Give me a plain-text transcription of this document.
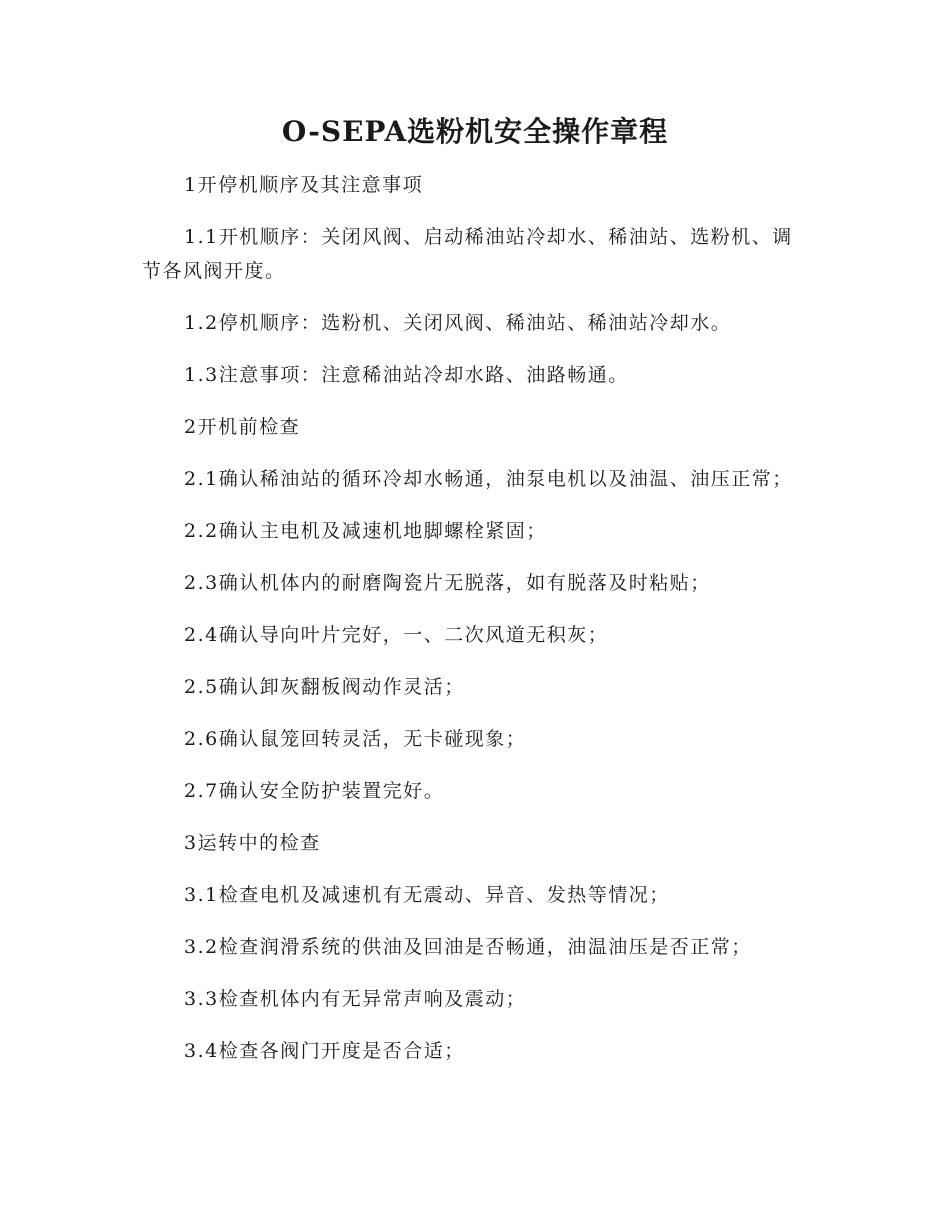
O-SEPA选粉机安全操作章程

1开停机顺序及其注意事项

1.1开机顺序：关闭风阀、启动稀油站冷却水、稀油站、选粉机、调节各风阀开度。

1.2停机顺序：选粉机、关闭风阀、稀油站、稀油站冷却水。

1.3注意事项：注意稀油站冷却水路、油路畅通。

2开机前检查

2.1确认稀油站的循环冷却水畅通，油泵电机以及油温、油压正常；

2.2确认主电机及减速机地脚螺栓紧固；

2.3确认机体内的耐磨陶瓷片无脱落，如有脱落及时粘贴；

2.4确认导向叶片完好，一、二次风道无积灰；

2.5确认卸灰翻板阀动作灵活；

2.6确认鼠笼回转灵活，无卡碰现象；

2.7确认安全防护装置完好。

3运转中的检查

3.1检查电机及减速机有无震动、异音、发热等情况；

3.2检查润滑系统的供油及回油是否畅通，油温油压是否正常；

3.3检查机体内有无异常声响及震动；

3.4检查各阀门开度是否合适；
